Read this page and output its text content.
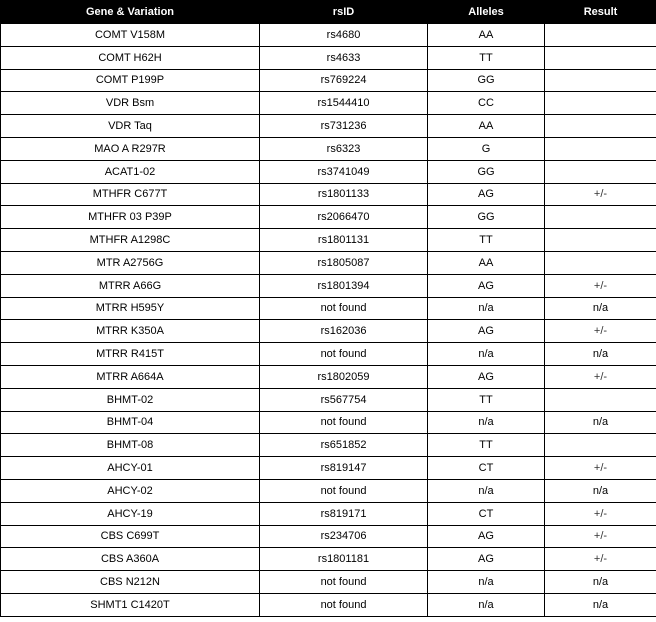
Gene & Variation	rsID	Alleles	Result
COMT V158M	rs4680	AA	+/+
COMT H62H	rs4633	TT	+/+
COMT P199P	rs769224	GG	-/-
VDR Bsm	rs1544410	CC	-/-
VDR Taq	rs731236	AA	+/+
MAO A R297R	rs6323	G	-/-
ACAT1-02	rs3741049	GG	-/-
MTHFR C677T	rs1801133	AG	+/-
MTHFR 03 P39P	rs2066470	GG	-/-
MTHFR A1298C	rs1801131	TT	-/-
MTR A2756G	rs1805087	AA	-/-
MTRR A66G	rs1801394	AG	+/-
MTRR H595Y	not found	n/a	n/a
MTRR K350A	rs162036	AG	+/-
MTRR R415T	not found	n/a	n/a
MTRR A664A	rs1802059	AG	+/-
BHMT-02	rs567754	TT	+/+
BHMT-04	not found	n/a	n/a
BHMT-08	rs651852	TT	+/+
AHCY-01	rs819147	CT	+/-
AHCY-02	not found	n/a	n/a
AHCY-19	rs819171	CT	+/-
CBS C699T	rs234706	AG	+/-
CBS A360A	rs1801181	AG	+/-
CBS N212N	not found	n/a	n/a
SHMT1 C1420T	not found	n/a	n/a
